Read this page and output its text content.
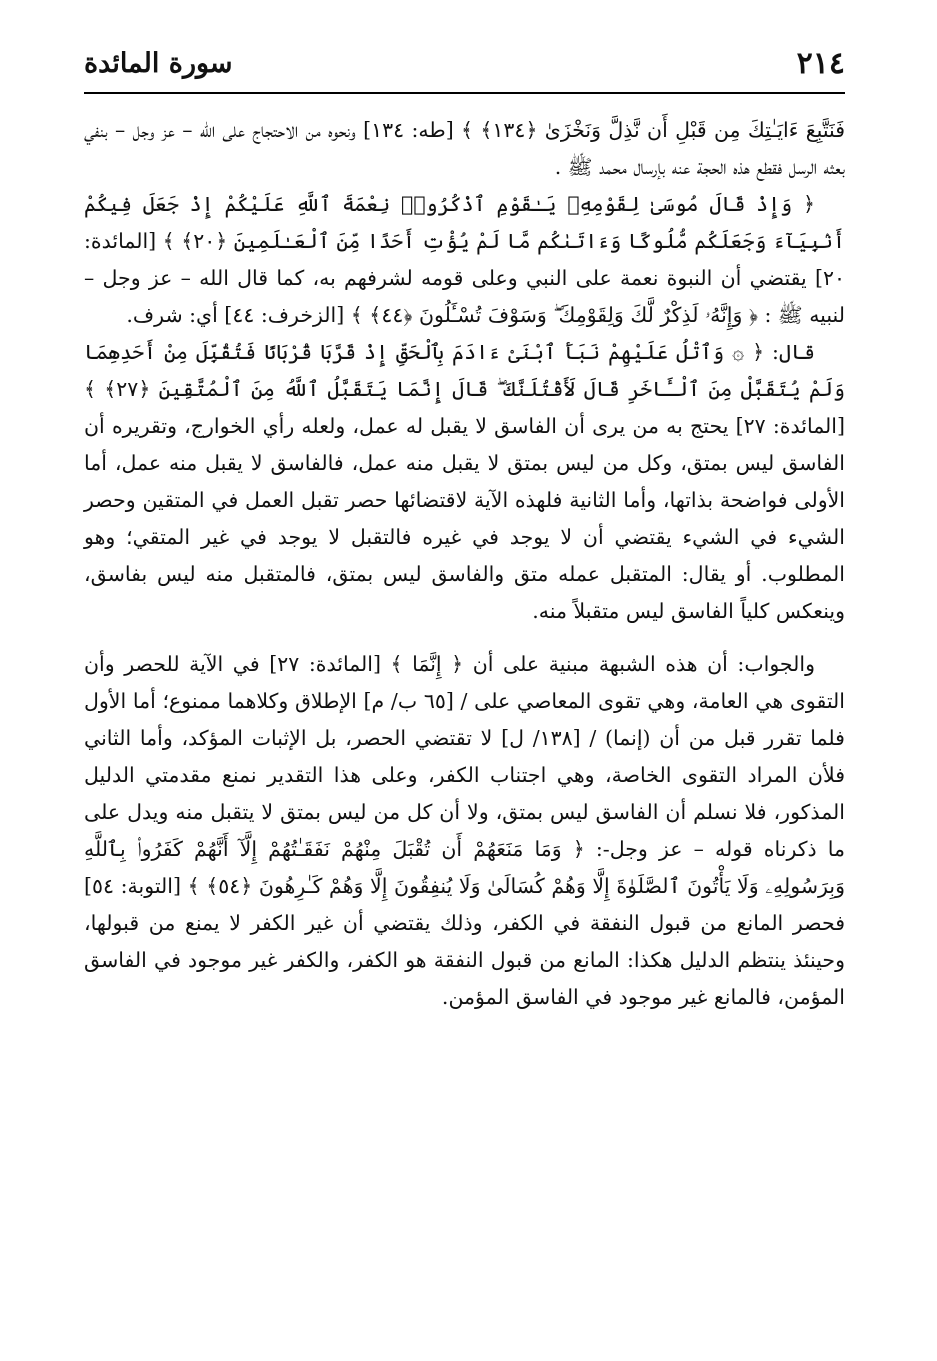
٢١٤
سورة المائدة

فَنَتَّبِعَ ءَايَـٰتِكَ مِن قَبْلِ أَن نَّذِلَّ وَنَخْزَىٰ ﴿١٣٤﴾ ﴾ [طه: ١٣٤] ونحوه من الاحتجاج على الله – عز وجل – بنفي بعثه الرسل فقطع هذه الحجة عنه بإرسال محمد ﷺ .

﴿ وَإِذْ قَالَ مُوسَىٰ لِقَوْمِهِۦ يَـٰقَوْمِ ٱذْكُرُوا۟ نِعْمَةَ ٱللَّهِ عَلَيْكُمْ إِذْ جَعَلَ فِيكُمْ أَنۢبِيَآءَ وَجَعَلَكُم مُّلُوكًا وَءَاتَىٰكُم مَّا لَمْ يُؤْتِ أَحَدًا مِّنَ ٱلْعَـٰلَمِينَ ﴿٢٠﴾ ﴾ [المائدة: ٢٠] يقتضي أن النبوة نعمة على النبي وعلى قومه لشرفهم به، كما قال الله – عز وجل – لنبيه ﷺ : ﴿ وَإِنَّهُۥ لَذِكْرٌ لَّكَ وَلِقَوْمِكَ ۖ وَسَوْفَ تُسْـَٔلُونَ ﴿٤٤﴾ ﴾ [الزخرف: ٤٤] أي: شرف.

قال: ﴿ ۞ وَٱتْلُ عَلَيْهِمْ نَبَأَ ٱبْنَىْ ءَادَمَ بِٱلْحَقِّ إِذْ قَرَّبَا قُرْبَانًا فَتُقُبِّلَ مِنْ أَحَدِهِمَا وَلَمْ يُتَقَبَّلْ مِنَ ٱلْـَٔاخَرِ قَالَ لَأَقْتُلَنَّكَ ۖ قَالَ إِنَّمَا يَتَقَبَّلُ ٱللَّهُ مِنَ ٱلْمُتَّقِينَ ﴿٢٧﴾ ﴾ [المائدة: ٢٧] يحتج به من يرى أن الفاسق لا يقبل له عمل، ولعله رأي الخوارج، وتقريره أن الفاسق ليس بمتق، وكل من ليس بمتق لا يقبل منه عمل، فالفاسق لا يقبل منه عمل، أما الأولى فواضحة بذاتها، وأما الثانية فلهذه الآية لاقتضائها حصر تقبل العمل في المتقين وحصر الشيء في الشيء يقتضي أن لا يوجد في غيره فالتقبل لا يوجد في غير المتقي؛ وهو المطلوب. أو يقال: المتقبل عمله متق والفاسق ليس بمتق، فالمتقبل منه ليس بفاسق، وينعكس كلياً الفاسق ليس متقبلاً منه.

والجواب: أن هذه الشبهة مبنية على أن ﴿ إِنَّمَا ﴾ [المائدة: ٢٧] في الآية للحصر وأن التقوى هي العامة، وهي تقوى المعاصي على / [٦٥ ب/ م] الإطلاق وكلاهما ممنوع؛ أما الأول فلما تقرر قبل من أن (إنما) / [١٣٨/ ل] لا تقتضي الحصر، بل الإثبات المؤكد، وأما الثاني فلأن المراد التقوى الخاصة، وهي اجتناب الكفر، وعلى هذا التقدير نمنع مقدمتي الدليل المذكور، فلا نسلم أن الفاسق ليس بمتق، ولا أن كل من ليس بمتق لا يتقبل منه ويدل على ما ذكرناه قوله – عز وجل-: ﴿ وَمَا مَنَعَهُمْ أَن تُقْبَلَ مِنْهُمْ نَفَقَـٰتُهُمْ إِلَّآ أَنَّهُمْ كَفَرُوا۟ بِٱللَّهِ وَبِرَسُولِهِۦ وَلَا يَأْتُونَ ٱلصَّلَوٰةَ إِلَّا وَهُمْ كُسَالَىٰ وَلَا يُنفِقُونَ إِلَّا وَهُمْ كَـٰرِهُونَ ﴿٥٤﴾ ﴾ [التوبة: ٥٤] فحصر المانع من قبول النفقة في الكفر، وذلك يقتضي أن غير الكفر لا يمنع من قبولها، وحينئذ ينتظم الدليل هكذا: المانع من قبول النفقة هو الكفر، والكفر غير موجود في الفاسق المؤمن، فالمانع غير موجود في الفاسق المؤمن.
